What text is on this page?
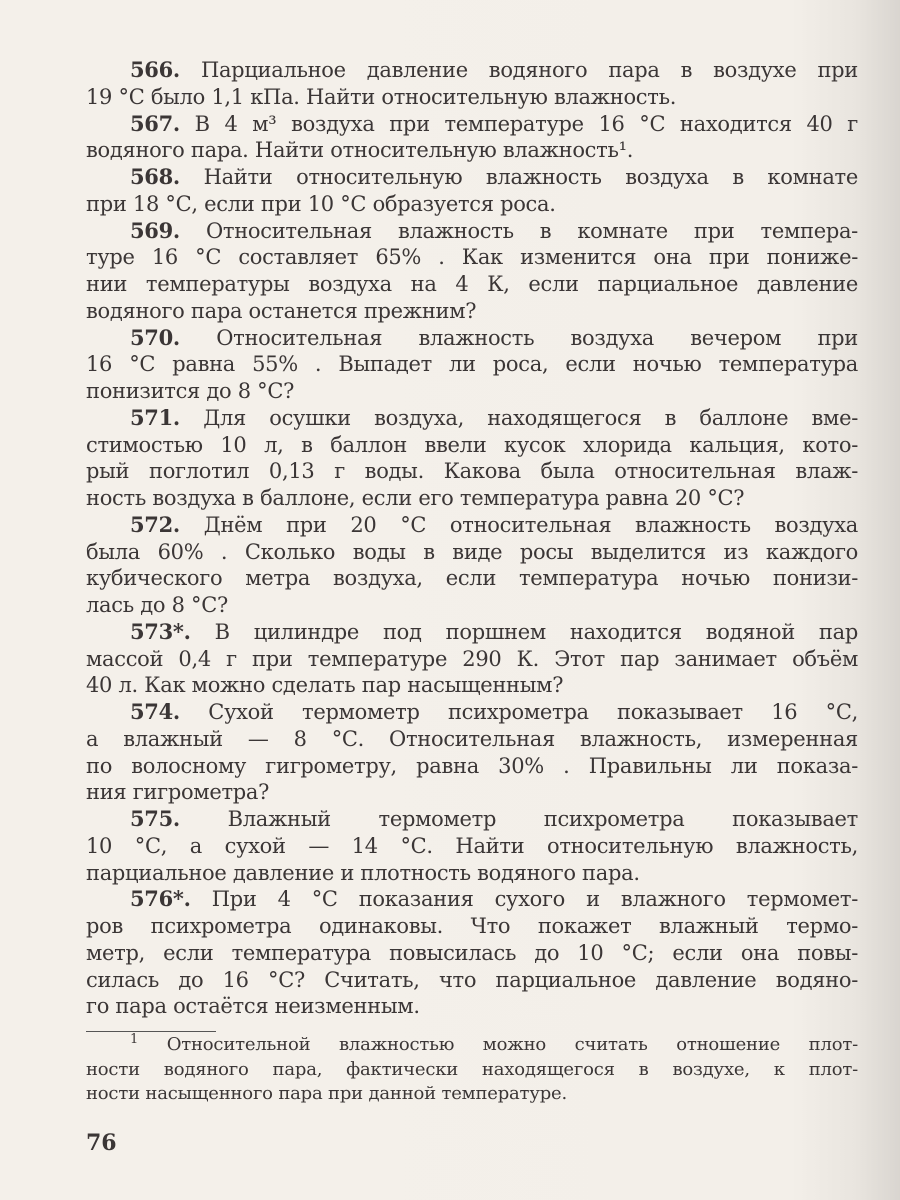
566. Парциальное давление водяного пара в воздухе при
19 °С было 1,1 кПа. Найти относительную влажность.
567. В 4 м³ воздуха при температуре 16 °С находится 40 г
водяного пара. Найти относительную влажность¹.
568. Найти относительную влажность воздуха в комнате
при 18 °С, если при 10 °С образуется роса.
569. Относительная влажность в комнате при темпера-
туре 16 °С составляет 65% . Как изменится она при пониже-
нии температуры воздуха на 4 К, если парциальное давление
водяного пара останется прежним?
570. Относительная влажность воздуха вечером при
16 °С равна 55% . Выпадет ли роса, если ночью температура
понизится до 8 °С?
571. Для осушки воздуха, находящегося в баллоне вме-
стимостью 10 л, в баллон ввели кусок хлорида кальция, кото-
рый поглотил 0,13 г воды. Какова была относительная влаж-
ность воздуха в баллоне, если его температура равна 20 °С?
572. Днём при 20 °С относительная влажность воздуха
была 60% . Сколько воды в виде росы выделится из каждого
кубического метра воздуха, если температура ночью понизи-
лась до 8 °С?
573*. В цилиндре под поршнем находится водяной пар
массой 0,4 г при температуре 290 К. Этот пар занимает объём
40 л. Как можно сделать пар насыщенным?
574. Сухой термометр психрометра показывает 16 °С,
а влажный — 8 °С. Относительная влажность, измеренная
по волосному гигрометру, равна 30% . Правильны ли показа-
ния гигрометра?
575. Влажный термометр психрометра показывает
10 °С, а сухой — 14 °С. Найти относительную влажность,
парциальное давление и плотность водяного пара.
576*. При 4 °С показания сухого и влажного термомет-
ров психрометра одинаковы. Что покажет влажный термо-
метр, если температура повысилась до 10 °С; если она повы-
силась до 16 °С? Считать, что парциальное давление водяно-
го пара остаётся неизменным.
$^1$ Относительной влажностью можно считать отношение плот-
ности водяного пара, фактически находящегося в воздухе, к плот-
ности насыщенного пара при данной температуре.
76
